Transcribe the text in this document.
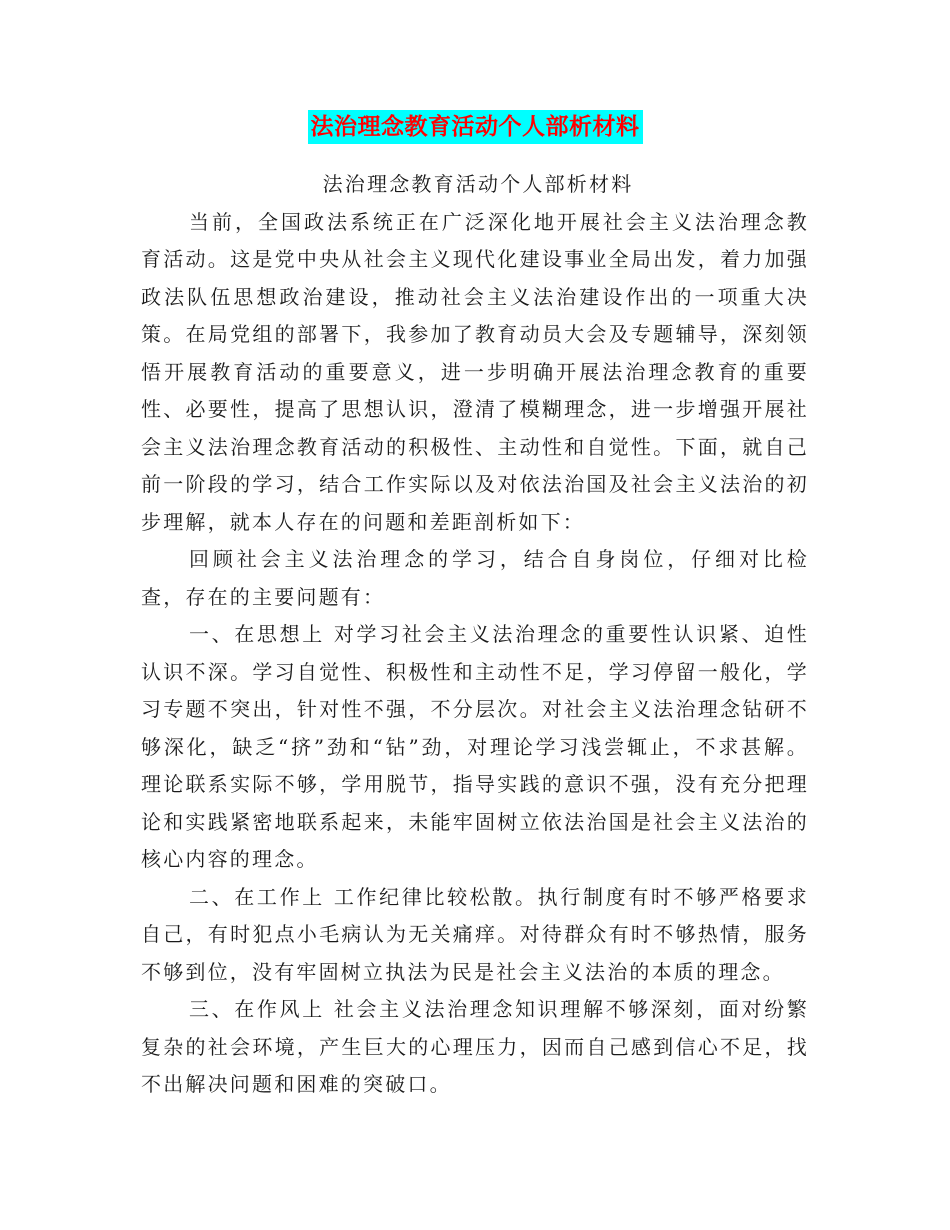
法治理念教育活动个人部析材料

法治理念教育活动个人部析材料

当前，全国政法系统正在广泛深化地开展社会主义法治理念教育活动。这是党中央从社会主义现代化建设事业全局出发，着力加强政法队伍思想政治建设，推动社会主义法治建设作出的一项重大决策。在局党组的部署下，我参加了教育动员大会及专题辅导，深刻领悟开展教育活动的重要意义，进一步明确开展法治理念教育的重要性、必要性，提高了思想认识，澄清了模糊理念，进一步增强开展社会主义法治理念教育活动的积极性、主动性和自觉性。下面，就自己前一阶段的学习，结合工作实际以及对依法治国及社会主义法治的初步理解，就本人存在的问题和差距剖析如下：

回顾社会主义法治理念的学习，结合自身岗位，仔细对比检查，存在的主要问题有：

一、在思想上 对学习社会主义法治理念的重要性认识紧、迫性认识不深。学习自觉性、积极性和主动性不足，学习停留一般化，学习专题不突出，针对性不强，不分层次。对社会主义法治理念钻研不够深化，缺乏“挤”劲和“钻”劲，对理论学习浅尝辄止，不求甚解。理论联系实际不够，学用脱节，指导实践的意识不强，没有充分把理论和实践紧密地联系起来，未能牢固树立依法治国是社会主义法治的核心内容的理念。

二、在工作上 工作纪律比较松散。执行制度有时不够严格要求自己，有时犯点小毛病认为无关痛痒。对待群众有时不够热情，服务不够到位，没有牢固树立执法为民是社会主义法治的本质的理念。

三、在作风上 社会主义法治理念知识理解不够深刻，面对纷繁复杂的社会环境，产生巨大的心理压力，因而自己感到信心不足，找不出解决问题和困难的突破口。
